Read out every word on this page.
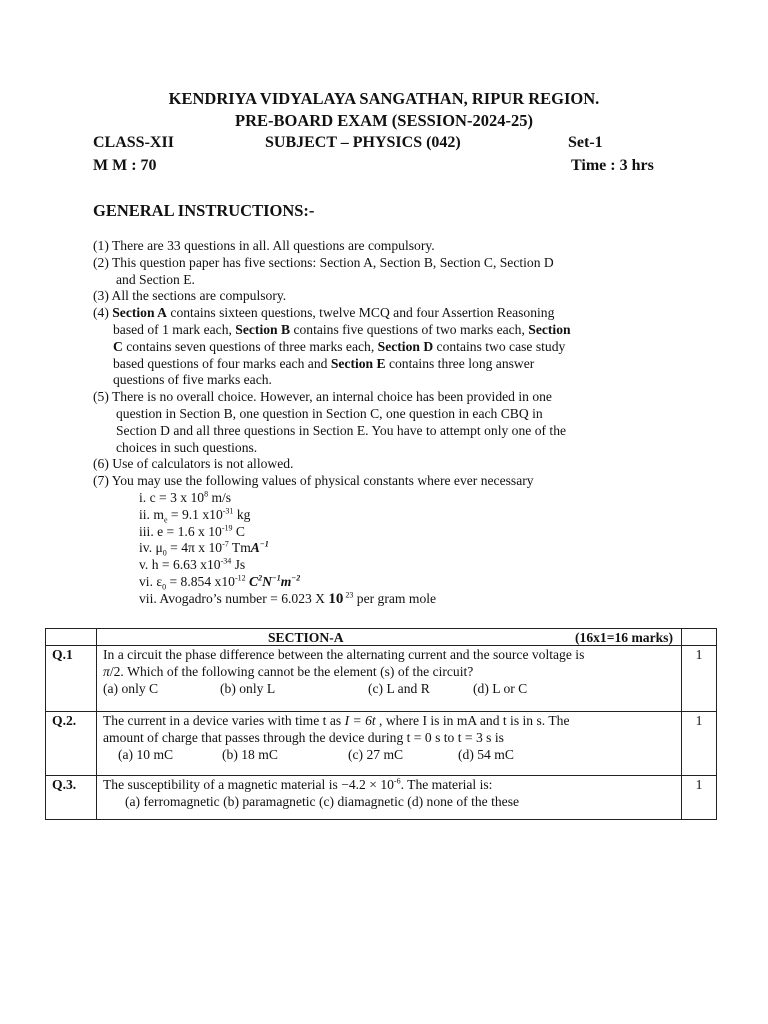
KENDRIYA VIDYALAYA SANGATHAN, RIPUR REGION.
PRE-BOARD EXAM (SESSION-2024-25)
CLASS-XII	SUBJECT – PHYSICS (042)	Set-1
M M : 70	Time : 3 hrs
GENERAL INSTRUCTIONS:-

(1) There are 33 questions in all. All questions are compulsory.

(2) This question paper has five sections: Section A, Section B, Section C, Section D

and Section E.

(3) All the sections are compulsory.

(4) Section A contains sixteen questions, twelve MCQ and four Assertion Reasoning

based of 1 mark each, Section B contains five questions of two marks each, Section

C contains seven questions of three marks each, Section D contains two case study

based questions of four marks each and Section E contains three long answer

questions of five marks each.

(5) There is no overall choice. However, an internal choice has been provided in one

question in Section B, one question in Section C, one question in each CBQ in

Section D and all three questions in Section E. You have to attempt only one of the

choices in such questions.

(6) Use of calculators is not allowed.

(7) You may use the following values of physical constants where ever necessary

i. c = 3 x $10^8$ m/s

ii. $m_e = 9.1$ $x10^{-31}$ kg

iii. e = 1.6 x $10^{-19}$ C

iv. $\mu_0 = 4\pi$ x $10^{-7}$ TmA$^{-1}$

v. h = 6.63 $x10^{-34}$ Js

vi. $\varepsilon_0 = 8.854$ $x10^{-12}$ $C^2N^{-1}m^{-2}$

vii. Avogadro’s number = 6.023 X 10 $^{23}$ per gram mole

	SECTION-A (16x1=16 marks)	

Q.1	In a circuit the phase difference between the alternating current and the source voltage is
π/2. Which of the following cannot be the element (s) of the circuit?
(a) only C (b) only L (c) L and R (d) L or C	1
Q.2.	The current in a device varies with time t as I = 6t , where I is in mA and t is in s. The
amount of charge that passes through the device during t = 0 s to t = 3 s is
(a) 10 mC (b) 18 mC (c) 27 mC (d) 54 mC	1
Q.3.	The susceptibility of a magnetic material is $-4.2 \times 10^{-6}$. The material is:
(a) ferromagnetic (b) paramagnetic (c) diamagnetic (d) none of the these	1
